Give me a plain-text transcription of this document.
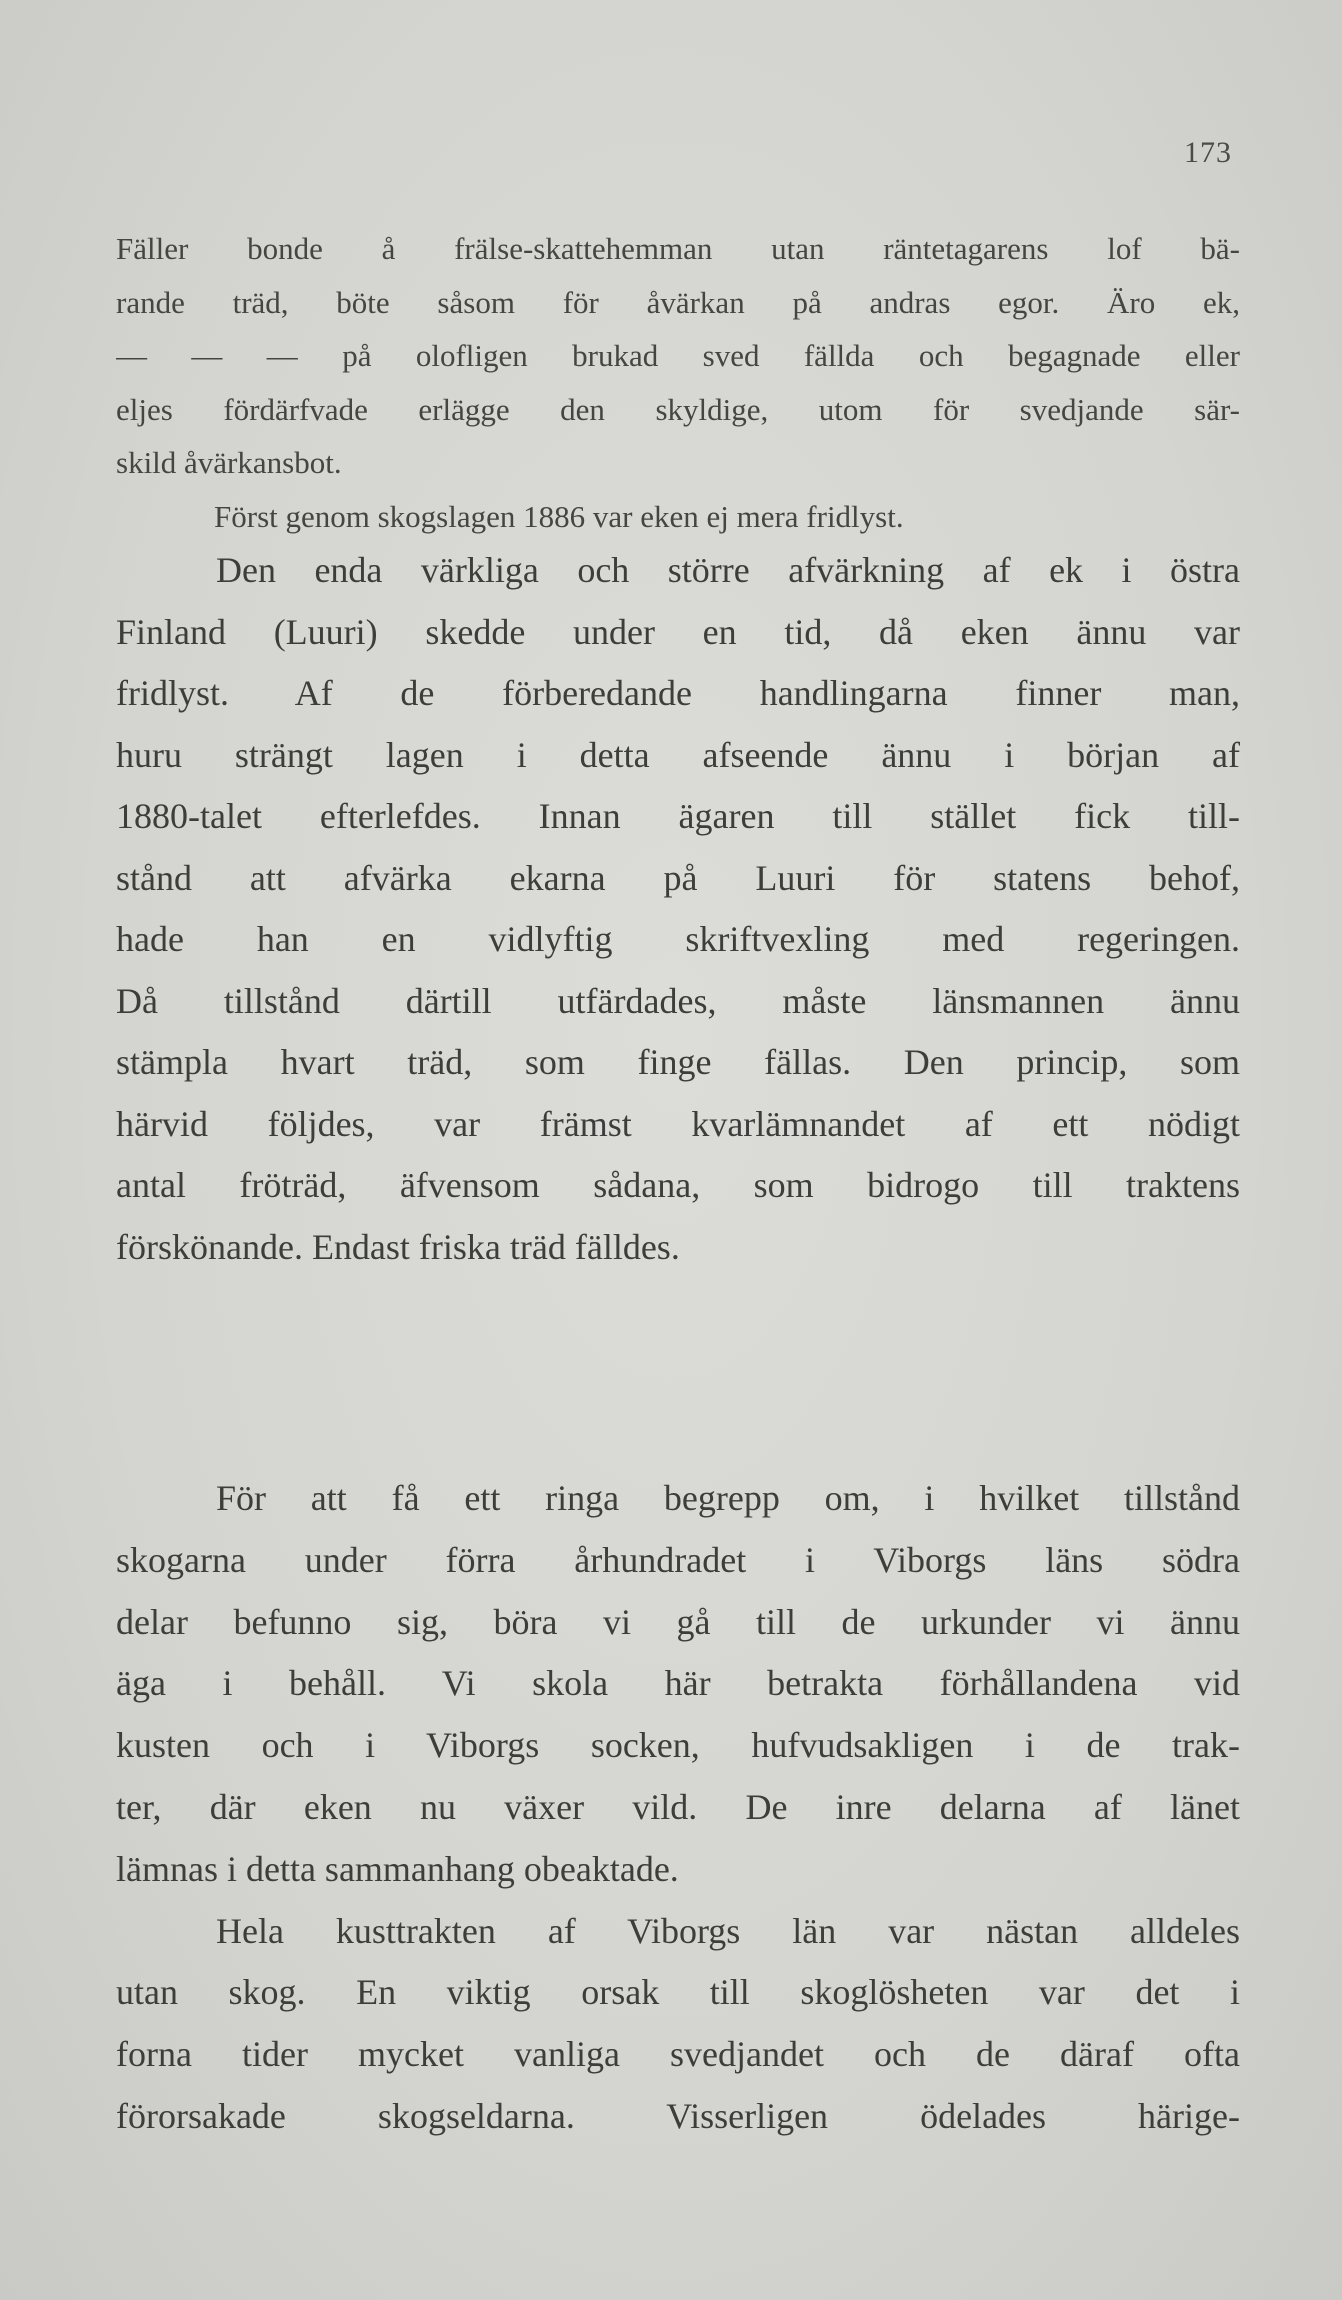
173
Fäller bonde å frälse-skattehemman utan räntetagarens lof bä-
rande träd, böte såsom för åvärkan på andras egor. Äro ek,
— — — på olofligen brukad sved fällda och begagnade eller
eljes fördärfvade erlägge den skyldige, utom för svedjande sär-
skild åvärkansbot.
Först genom skogslagen 1886 var eken ej mera fridlyst.
Den enda värkliga och större afvärkning af ek i östra
Finland (Luuri) skedde under en tid, då eken ännu var
fridlyst. Af de förberedande handlingarna finner man,
huru strängt lagen i detta afseende ännu i början af
1880-talet efterlefdes. Innan ägaren till stället fick till-
stånd att afvärka ekarna på Luuri för statens behof,
hade han en vidlyftig skriftvexling med regeringen.
Då tillstånd därtill utfärdades, måste länsmannen ännu
stämpla hvart träd, som finge fällas. Den princip, som
härvid följdes, var främst kvarlämnandet af ett nödigt
antal fröträd, äfvensom sådana, som bidrogo till traktens
förskönande. Endast friska träd fälldes.
För att få ett ringa begrepp om, i hvilket tillstånd
skogarna under förra århundradet i Viborgs läns södra
delar befunno sig, böra vi gå till de urkunder vi ännu
äga i behåll. Vi skola här betrakta förhållandena vid
kusten och i Viborgs socken, hufvudsakligen i de trak-
ter, där eken nu växer vild. De inre delarna af länet
lämnas i detta sammanhang obeaktade.
Hela kusttrakten af Viborgs län var nästan alldeles
utan skog. En viktig orsak till skoglösheten var det i
forna tider mycket vanliga svedjandet och de däraf ofta
förorsakade skogseldarna. Visserligen ödelades härige-
